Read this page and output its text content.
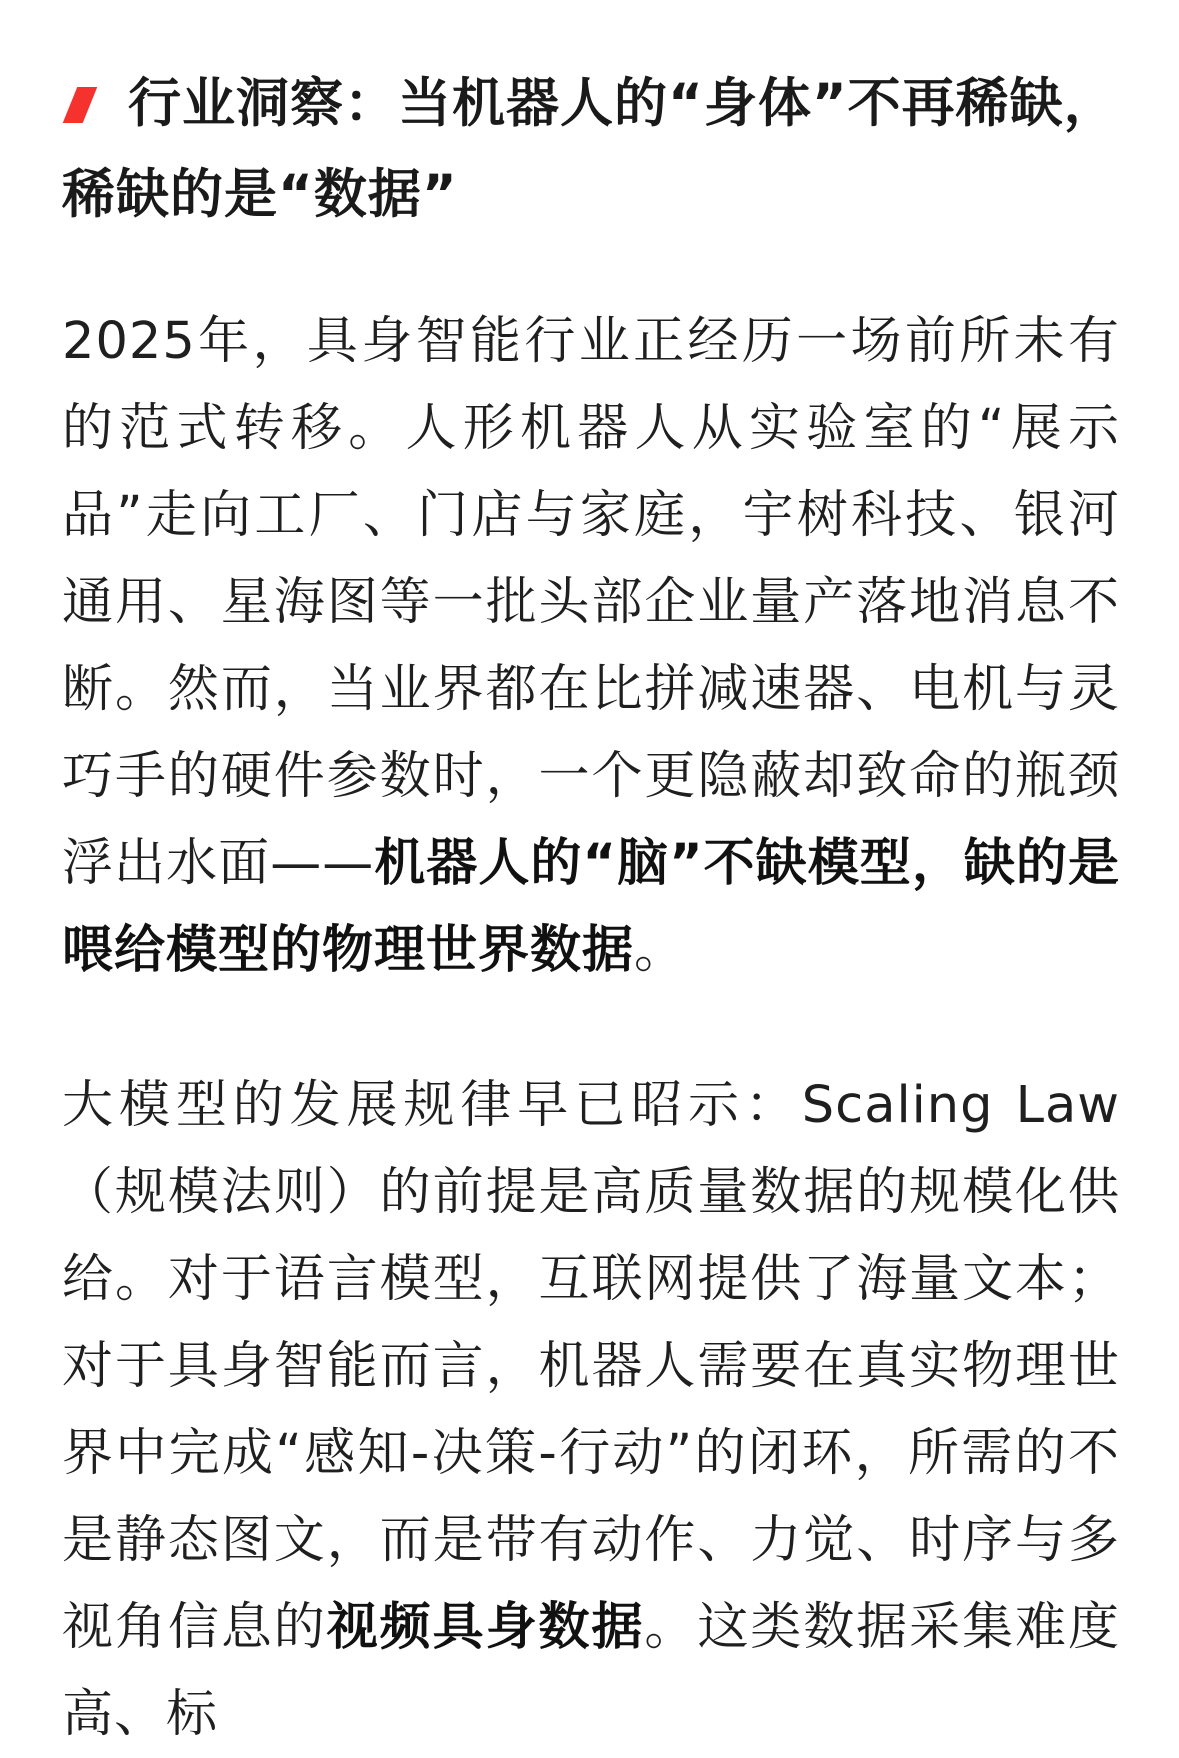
行业洞察：当机器人的“身体”不再稀缺，稀缺的是“数据”

2025年，具身智能行业正经历一场前所未有的范式转移。人形机器人从实验室的“展示品”走向工厂、门店与家庭，宇树科技、银河通用、星海图等一批头部企业量产落地消息不断。然而，当业界都在比拼减速器、电机与灵巧手的硬件参数时，一个更隐蔽却致命的瓶颈浮出水面——机器人的“脑”不缺模型，缺的是喂给模型的物理世界数据。

大模型的发展规律早已昭示：Scaling Law（规模法则）的前提是高质量数据的规模化供给。对于语言模型，互联网提供了海量文本；对于具身智能而言，机器人需要在真实物理世界中完成“感知-决策-行动”的闭环，所需的不是静态图文，而是带有动作、力觉、时序与多视角信息的视频具身数据。这类数据采集难度高、标
